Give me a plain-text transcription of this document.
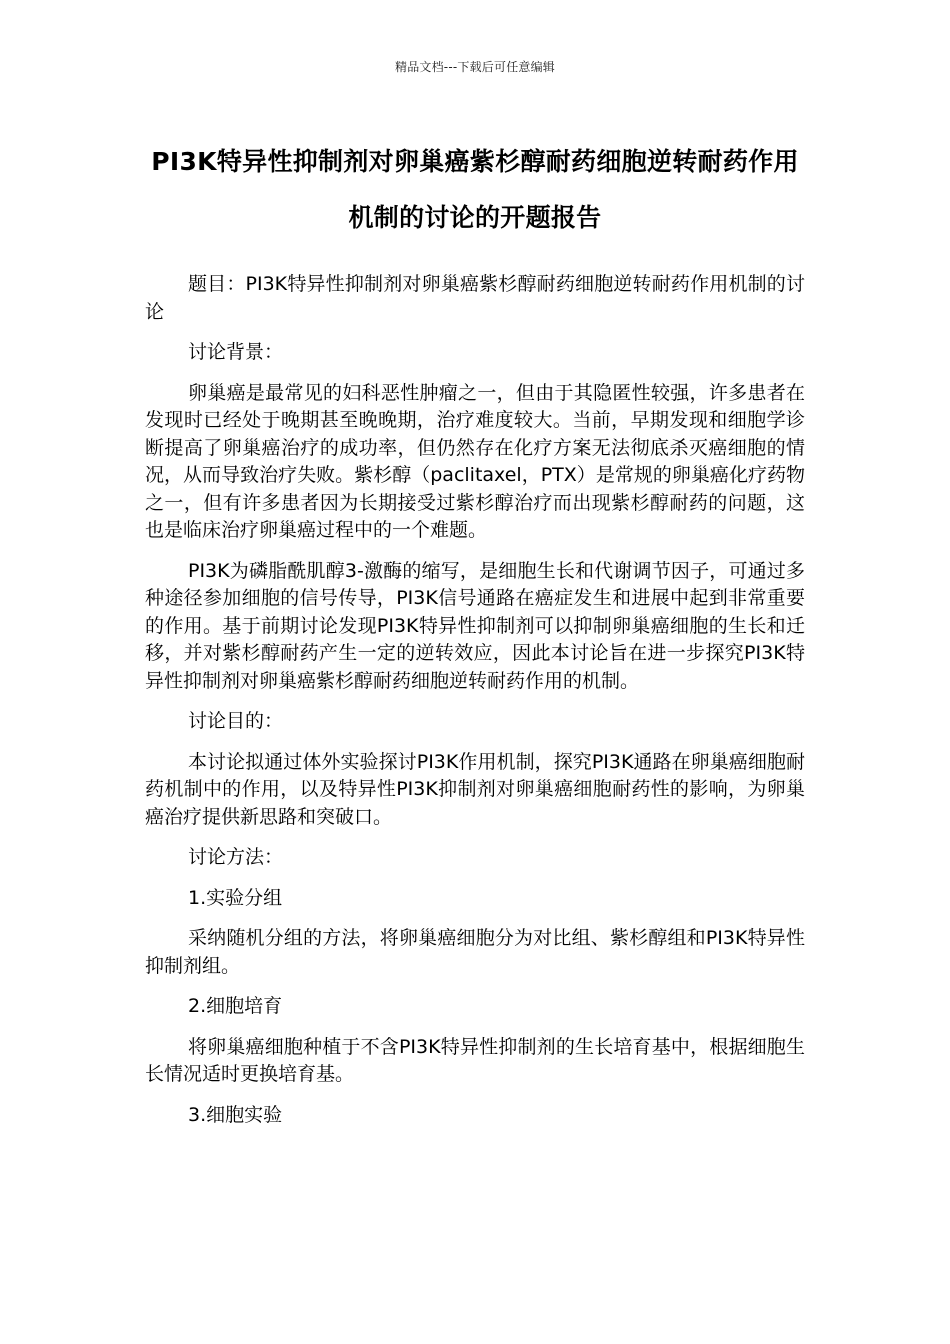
精品文档---下载后可任意编辑
PI3K特异性抑制剂对卵巢癌紫杉醇耐药细胞逆转耐药作用机制的讨论的开题报告

题目：PI3K特异性抑制剂对卵巢癌紫杉醇耐药细胞逆转耐药作用机制的讨论

讨论背景：

卵巢癌是最常见的妇科恶性肿瘤之一，但由于其隐匿性较强，许多患者在发现时已经处于晚期甚至晚晚期，治疗难度较大。当前，早期发现和细胞学诊断提高了卵巢癌治疗的成功率，但仍然存在化疗方案无法彻底杀灭癌细胞的情况，从而导致治疗失败。紫杉醇（paclitaxel，PTX）是常规的卵巢癌化疗药物之一，但有许多患者因为长期接受过紫杉醇治疗而出现紫杉醇耐药的问题，这也是临床治疗卵巢癌过程中的一个难题。

PI3K为磷脂酰肌醇3-激酶的缩写，是细胞生长和代谢调节因子，可通过多种途径参加细胞的信号传导，PI3K信号通路在癌症发生和进展中起到非常重要的作用。基于前期讨论发现PI3K特异性抑制剂可以抑制卵巢癌细胞的生长和迁移，并对紫杉醇耐药产生一定的逆转效应，因此本讨论旨在进一步探究PI3K特异性抑制剂对卵巢癌紫杉醇耐药细胞逆转耐药作用的机制。

讨论目的：

本讨论拟通过体外实验探讨PI3K作用机制，探究PI3K通路在卵巢癌细胞耐药机制中的作用，以及特异性PI3K抑制剂对卵巢癌细胞耐药性的影响，为卵巢癌治疗提供新思路和突破口。

讨论方法：

1.实验分组

采纳随机分组的方法，将卵巢癌细胞分为对比组、紫杉醇组和PI3K特异性抑制剂组。

2.细胞培育

将卵巢癌细胞种植于不含PI3K特异性抑制剂的生长培育基中，根据细胞生长情况适时更换培育基。

3.细胞实验
